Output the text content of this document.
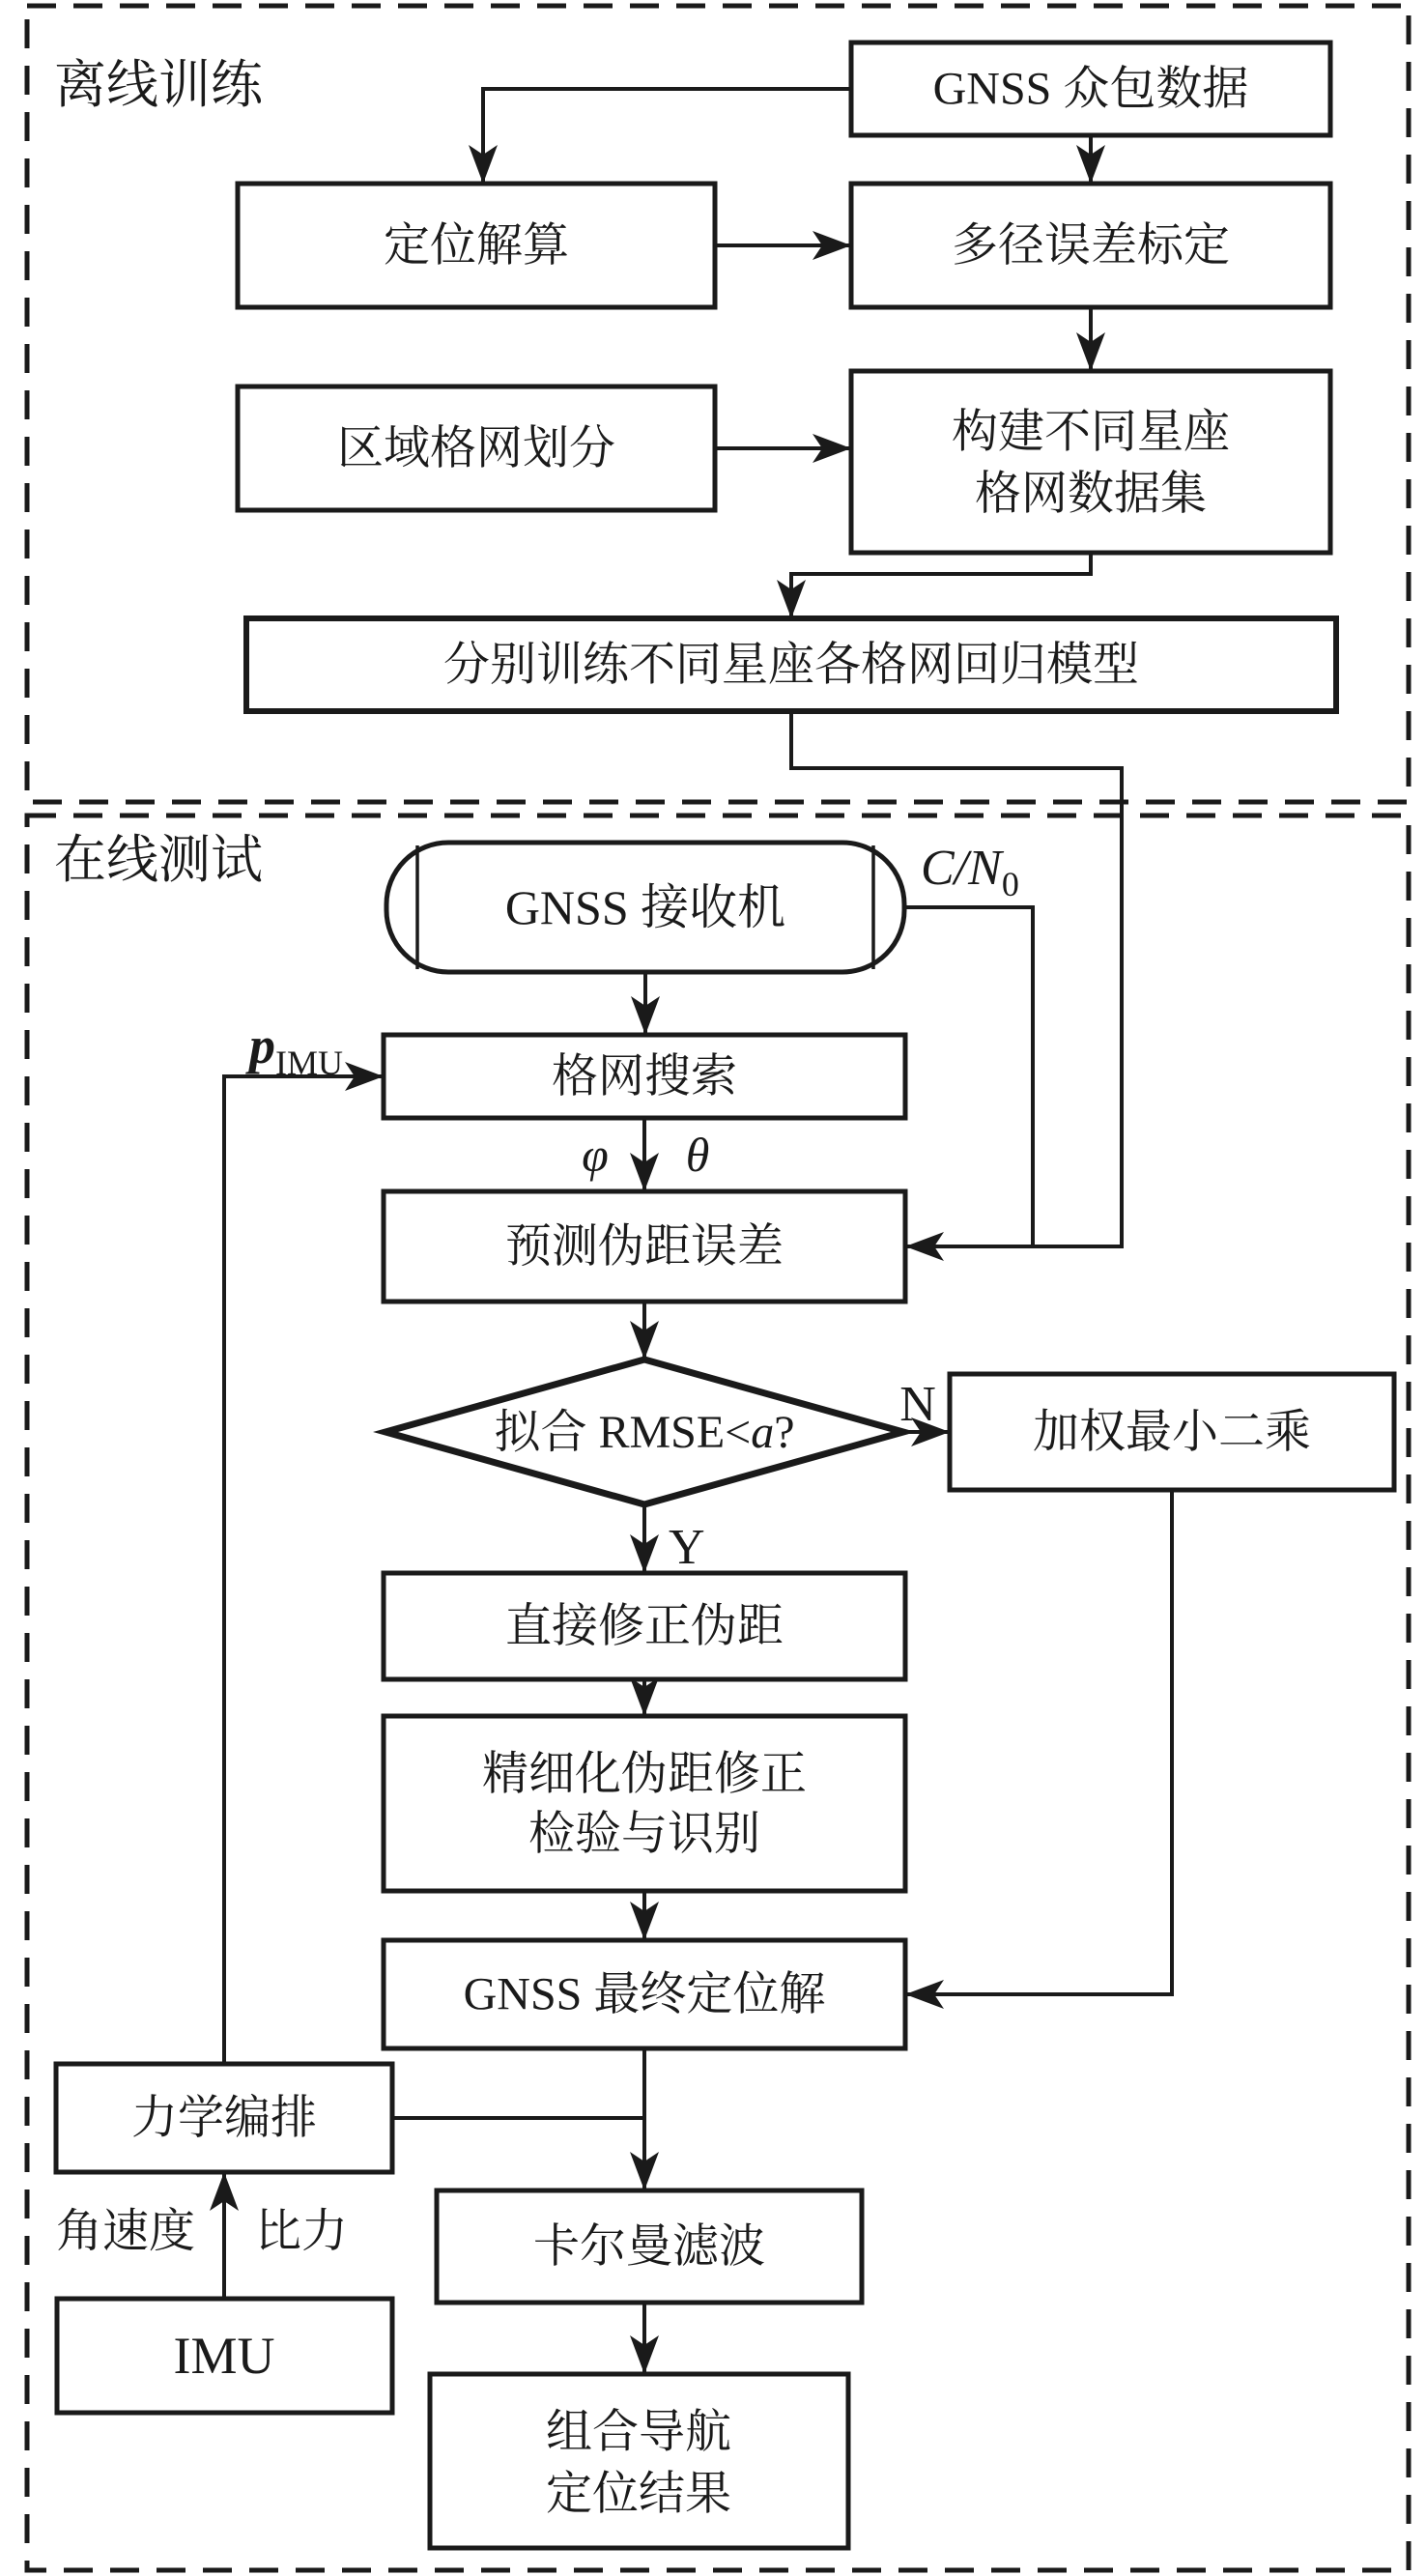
离线训练
在线测试
GNSS 众包数据
定位解算	多径误差标定
区域格网划分	构建不同星座
格网数据集
分别训练不同星座各格网回归模型
GNSS 接收机
格网搜索
预测伪距误差
拟合 RMSE<a?	加权最小二乘
直接修正伪距
精细化伪距修正
检验与识别
GNSS 最终定位解
力学编排
卡尔曼滤波
IMU
组合导航
定位结果
$C/N_0$
$p_{IMU}$
φ θ
N
Y
角速度 比力
